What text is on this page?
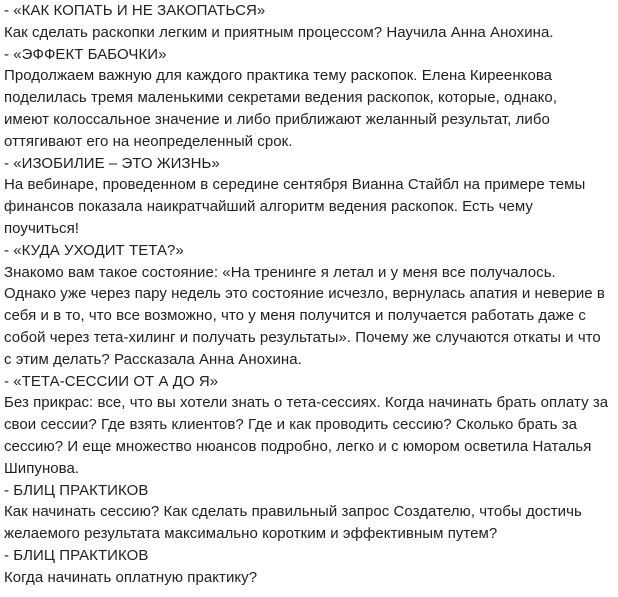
- «КАК КОПАТЬ И НЕ ЗАКОПАТЬСЯ»

Как сделать раскопки легким и приятным процессом? Научила Анна Анохина.

- «ЭФФЕКТ БАБОЧКИ»

Продолжаем важную для каждого практика тему раскопок. Елена Киреенкова

поделилась тремя маленькими секретами ведения раскопок, которые, однако,

имеют колоссальное значение и либо приближают желанный результат, либо

оттягивают его на неопределенный срок.

- «ИЗОБИЛИЕ – ЭТО ЖИЗНЬ»

На вебинаре, проведенном в середине сентября Вианна Стайбл на примере темы

финансов показала наикратчайший алгоритм ведения раскопок. Есть чему

поучиться!

- «КУДА УХОДИТ ТЕТА?»

Знакомо вам такое состояние: «На тренинге я летал и у меня все получалось.

Однако уже через пару недель это состояние исчезло, вернулась апатия и неверие в

себя и в то, что все возможно, что у меня получится и получается работать даже с

собой через тета-хилинг и получать результаты». Почему же случаются откаты и что

с этим делать? Рассказала Анна Анохина.

- «ТЕТА-СЕССИИ ОТ А ДО Я»

Без прикрас: все, что вы хотели знать о тета-сессиях. Когда начинать брать оплату за

свои сессии? Где взять клиентов? Где и как проводить сессию? Сколько брать за

сессию? И еще множество нюансов подробно, легко и с юмором осветила Наталья

Шипунова.

- БЛИЦ ПРАКТИКОВ

Как начинать сессию? Как сделать правильный запрос Создателю, чтобы достичь

желаемого результата максимально коротким и эффективным путем?

- БЛИЦ ПРАКТИКОВ

Когда начинать оплатную практику?
